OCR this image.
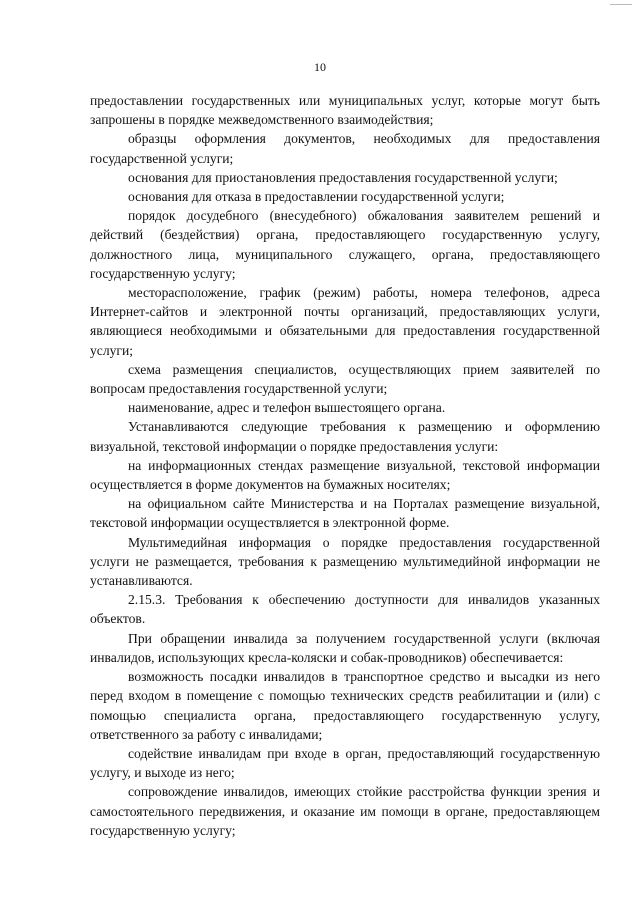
10

предоставлении государственных или муниципальных услуг, которые могут быть запрошены в порядке межведомственного взаимодействия;

образцы оформления документов, необходимых для предоставления государственной услуги;

основания для приостановления предоставления государственной услуги;

основания для отказа в предоставлении государственной услуги;

порядок досудебного (внесудебного) обжалования заявителем решений и действий (бездействия) органа, предоставляющего государственную услугу, должностного лица, муниципального служащего, органа, предоставляющего государственную услугу;

месторасположение, график (режим) работы, номера телефонов, адреса Интернет-сайтов и электронной почты организаций, предоставляющих услуги, являющиеся необходимыми и обязательными для предоставления государственной услуги;

схема размещения специалистов, осуществляющих прием заявителей по вопросам предоставления государственной услуги;

наименование, адрес и телефон вышестоящего органа.

Устанавливаются следующие требования к размещению и оформлению визуальной, текстовой информации о порядке предоставления услуги:

на информационных стендах размещение визуальной, текстовой информации осуществляется в форме документов на бумажных носителях;

на официальном сайте Министерства и на Порталах размещение визуальной, текстовой информации осуществляется в электронной форме.

Мультимедийная информация о порядке предоставления государственной услуги не размещается, требования к размещению мультимедийной информации не устанавливаются.

2.15.3. Требования к обеспечению доступности для инвалидов указанных объектов.

При обращении инвалида за получением государственной услуги (включая инвалидов, использующих кресла-коляски и собак-проводников) обеспечивается:

возможность посадки инвалидов в транспортное средство и высадки из него перед входом в помещение с помощью технических средств реабилитации и (или) с помощью специалиста органа, предоставляющего государственную услугу, ответственного за работу с инвалидами;

содействие инвалидам при входе в орган, предоставляющий государственную услугу, и выходе из него;

сопровождение инвалидов, имеющих стойкие расстройства функции зрения и самостоятельного передвижения, и оказание им помощи в органе, предоставляющем государственную услугу;
